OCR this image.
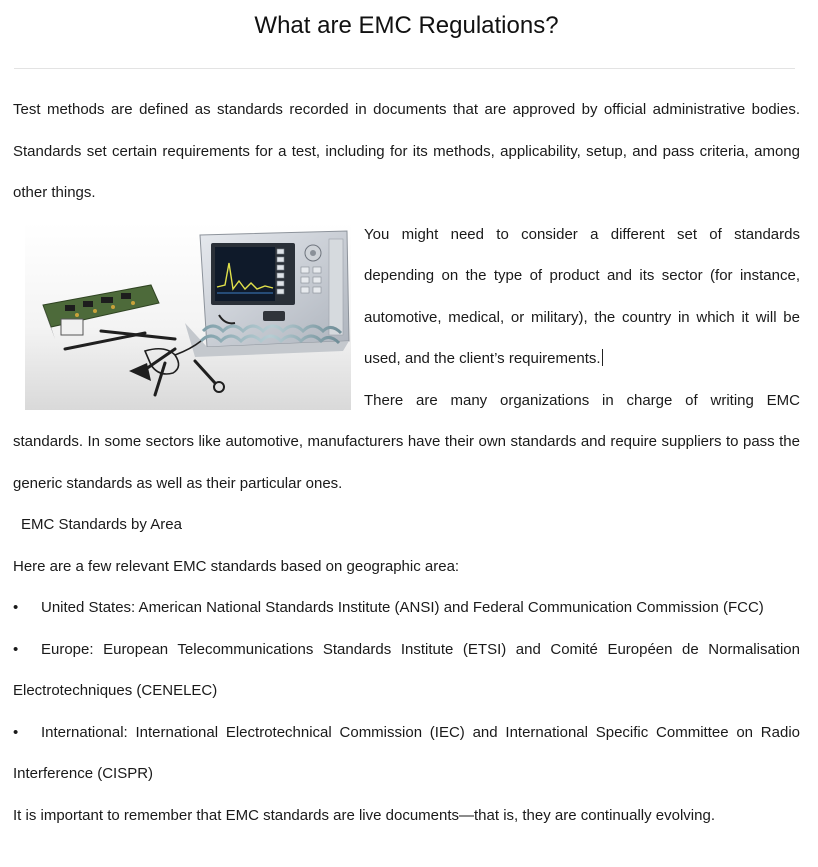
What are EMC Regulations?

Test methods are defined as standards recorded in documents that are approved by official administrative bodies. Standards set certain requirements for a test, including for its methods, applicability, setup, and pass criteria, among other things.

You might need to consider a different set of standards depending on the type of product and its sector (for instance, automotive, medical, or military), the country in which it will be used, and the client’s requirements.

There are many organizations in charge of writing EMC standards. In some sectors like automotive, manufacturers have their own standards and require suppliers to pass the generic standards as well as their particular ones.

EMC Standards by Area

Here are a few relevant EMC standards based on geographic area:

• United States: American National Standards Institute (ANSI) and Federal Communication Commission (FCC)

• Europe: European Telecommunications Standards Institute (ETSI) and Comité Européen de Normalisation Electrotechniques (CENELEC)

• International: International Electrotechnical Commission (IEC) and International Specific Committee on Radio Interference (CISPR)

It is important to remember that EMC standards are live documents—that is, they are continually evolving.
